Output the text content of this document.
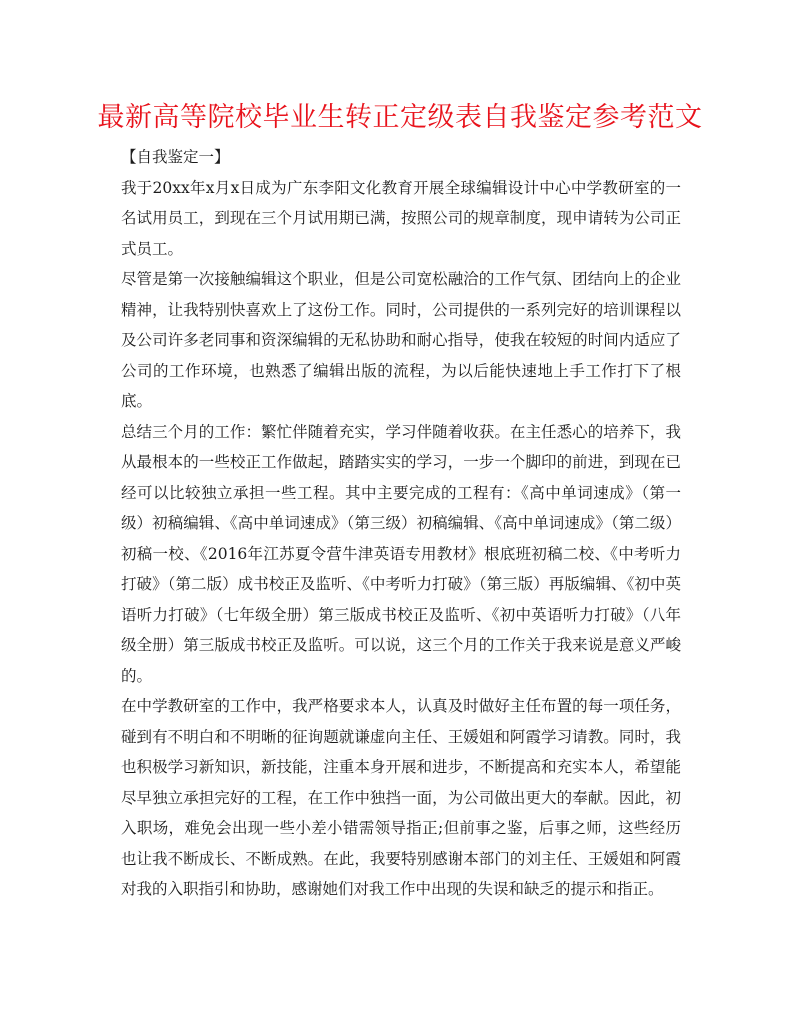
最新高等院校毕业生转正定级表自我鉴定参考范文

【自我鉴定一】

我于20xx年x月x日成为广东李阳文化教育开展全球编辑设计中心中学教研室的一名试用员工，到现在三个月试用期已满，按照公司的规章制度，现申请转为公司正式员工。

尽管是第一次接触编辑这个职业，但是公司宽松融洽的工作气氛、团结向上的企业精神，让我特别快喜欢上了这份工作。同时，公司提供的一系列完好的培训课程以及公司许多老同事和资深编辑的无私协助和耐心指导，使我在较短的时间内适应了公司的工作环境，也熟悉了编辑出版的流程，为以后能快速地上手工作打下了根底。

总结三个月的工作：繁忙伴随着充实，学习伴随着收获。在主任悉心的培养下，我从最根本的一些校正工作做起，踏踏实实的学习，一步一个脚印的前进，到现在已经可以比较独立承担一些工程。其中主要完成的工程有：《高中单词速成》（第一级）初稿编辑、《高中单词速成》（第三级）初稿编辑、《高中单词速成》（第二级）初稿一校、《2016年江苏夏令营牛津英语专用教材》根底班初稿二校、《中考听力打破》（第二版）成书校正及监听、《中考听力打破》（第三版）再版编辑、《初中英语听力打破》（七年级全册）第三版成书校正及监听、《初中英语听力打破》（八年级全册）第三版成书校正及监听。可以说，这三个月的工作关于我来说是意义严峻的。

在中学教研室的工作中，我严格要求本人，认真及时做好主任布置的每一项任务，碰到有不明白和不明晰的征询题就谦虚向主任、王媛姐和阿霞学习请教。同时，我也积极学习新知识，新技能，注重本身开展和进步，不断提高和充实本人，希望能尽早独立承担完好的工程，在工作中独挡一面，为公司做出更大的奉献。因此，初入职场，难免会出现一些小差小错需领导指正;但前事之鉴，后事之师，这些经历也让我不断成长、不断成熟。在此，我要特别感谢本部门的刘主任、王媛姐和阿霞对我的入职指引和协助，感谢她们对我工作中出现的失误和缺乏的提示和指正。
